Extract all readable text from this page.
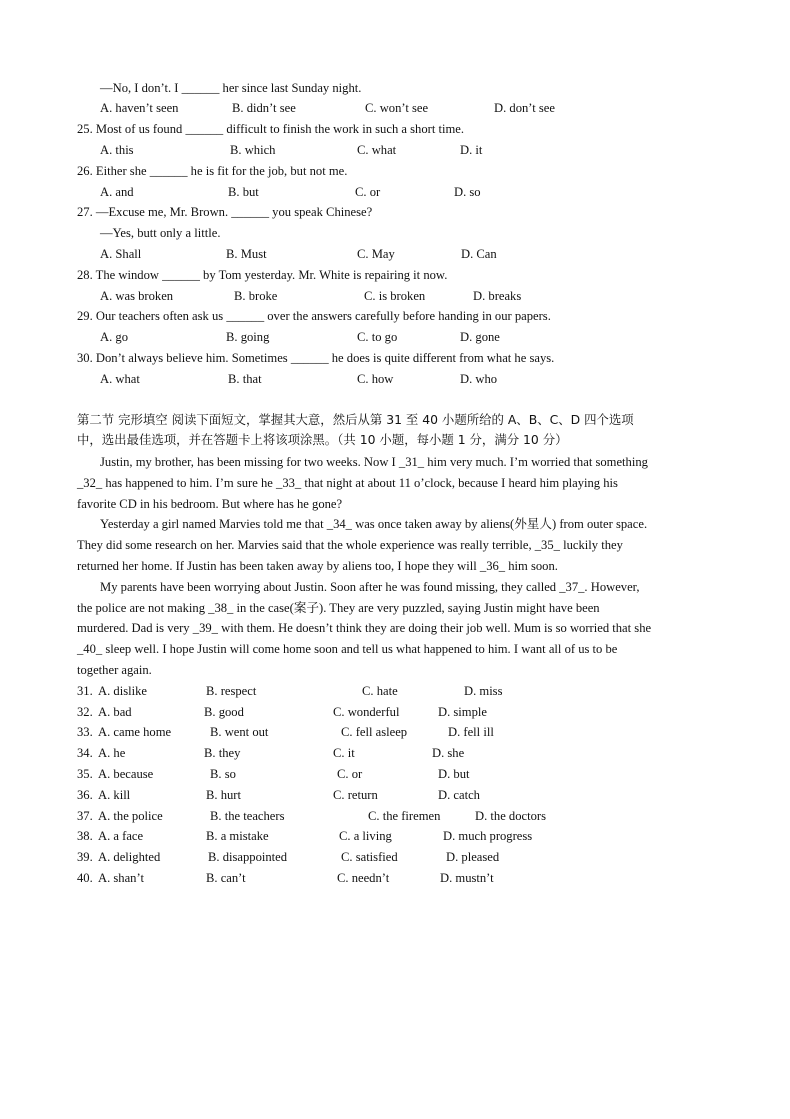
—No, I don’t. I ______ her since last Sunday night.
A. haven’t seen	B. didn’t see	C. won’t see	D. don’t see
25. Most of us found ______ difficult to finish the work in such a short time.
A. this	B. which	C. what	D. it
26. Either she ______ he is fit for the job, but not me.
A. and	B. but	C. or	D. so
27. —Excuse me, Mr. Brown. ______ you speak Chinese?
—Yes, butt only a little.
A. Shall	B. Must	C. May	D. Can
28. The window ______ by Tom yesterday. Mr. White is repairing it now.
A. was broken	B. broke	C. is broken	D. breaks
29. Our teachers often ask us ______ over the answers carefully before handing in our papers.
A. go	B. going	C. to go	D. gone
30. Don’t always believe him. Sometimes ______ he does is quite different from what he says.
A. what	B. that	C. how	D. who
第二节 完形填空 阅读下面短文，掌握其大意，然后从第 31 至 40 小题所给的 A、B、C、D 四个选项
中，选出最佳选项，并在答题卡上将该项涂黑。（共 10 小题，每小题 1 分，满分 10 分）
Justin, my brother, has been missing for two weeks. Now I _31_ him very much. I’m worried that something
_32_ has happened to him. I’m sure he _33_ that night at about 11 o’clock, because I heard him playing his
favorite CD in his bedroom. But where has he gone?
Yesterday a girl named Marvies told me that _34_ was once taken away by aliens(外星人) from outer space.
They did some research on her. Marvies said that the whole experience was really terrible, _35_ luckily they
returned her home. If Justin has been taken away by aliens too, I hope they will _36_ him soon.
My parents have been worrying about Justin. Soon after he was found missing, they called _37_. However,
the police are not making _38_ in the case(案子). They are very puzzled, saying Justin might have been
murdered. Dad is very _39_ with them. He doesn’t think they are doing their job well. Mum is so worried that she
_40_ sleep well. I hope Justin will come home soon and tell us what happened to him. I want all of us to be
together again.
31. A. dislike	B. respect	C. hate	D. miss
32. A. bad	B. good	C. wonderful	D. simple
33. A. came home	B. went out	C. fell asleep	D. fell ill
34. A. he	B. they	C. it	D. she
35. A. because	B. so	C. or	D. but
36. A. kill	B. hurt	C. return	D. catch
37. A. the police	B. the teachers	C. the firemen	D. the doctors
38. A. a face	B. a mistake	C. a living	D. much progress
39. A. delighted	B. disappointed	C. satisfied	D. pleased
40. A. shan’t	B. can’t	C. needn’t	D. mustn’t
